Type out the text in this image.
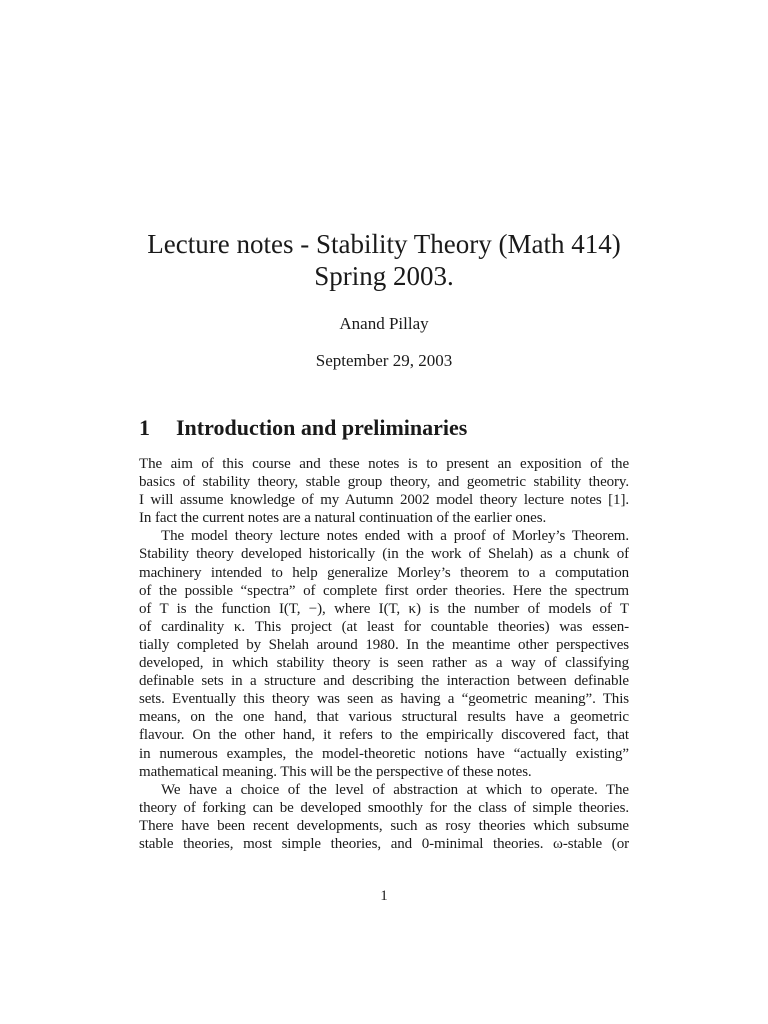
Lecture notes - Stability Theory (Math 414)
Spring 2003.
Anand Pillay
September 29, 2003
1 Introduction and preliminaries
The aim of this course and these notes is to present an exposition of the
basics of stability theory, stable group theory, and geometric stability theory.
I will assume knowledge of my Autumn 2002 model theory lecture notes [1].
In fact the current notes are a natural continuation of the earlier ones.
The model theory lecture notes ended with a proof of Morley’s Theorem.
Stability theory developed historically (in the work of Shelah) as a chunk of
machinery intended to help generalize Morley’s theorem to a computation
of the possible “spectra” of complete first order theories. Here the spectrum
of T is the function I(T, −), where I(T, κ) is the number of models of T
of cardinality κ. This project (at least for countable theories) was essen-
tially completed by Shelah around 1980. In the meantime other perspectives
developed, in which stability theory is seen rather as a way of classifying
definable sets in a structure and describing the interaction between definable
sets. Eventually this theory was seen as having a “geometric meaning”. This
means, on the one hand, that various structural results have a geometric
flavour. On the other hand, it refers to the empirically discovered fact, that
in numerous examples, the model-theoretic notions have “actually existing”
mathematical meaning. This will be the perspective of these notes.
We have a choice of the level of abstraction at which to operate. The
theory of forking can be developed smoothly for the class of simple theories.
There have been recent developments, such as rosy theories which subsume
stable theories, most simple theories, and 0-minimal theories. ω-stable (or
1
